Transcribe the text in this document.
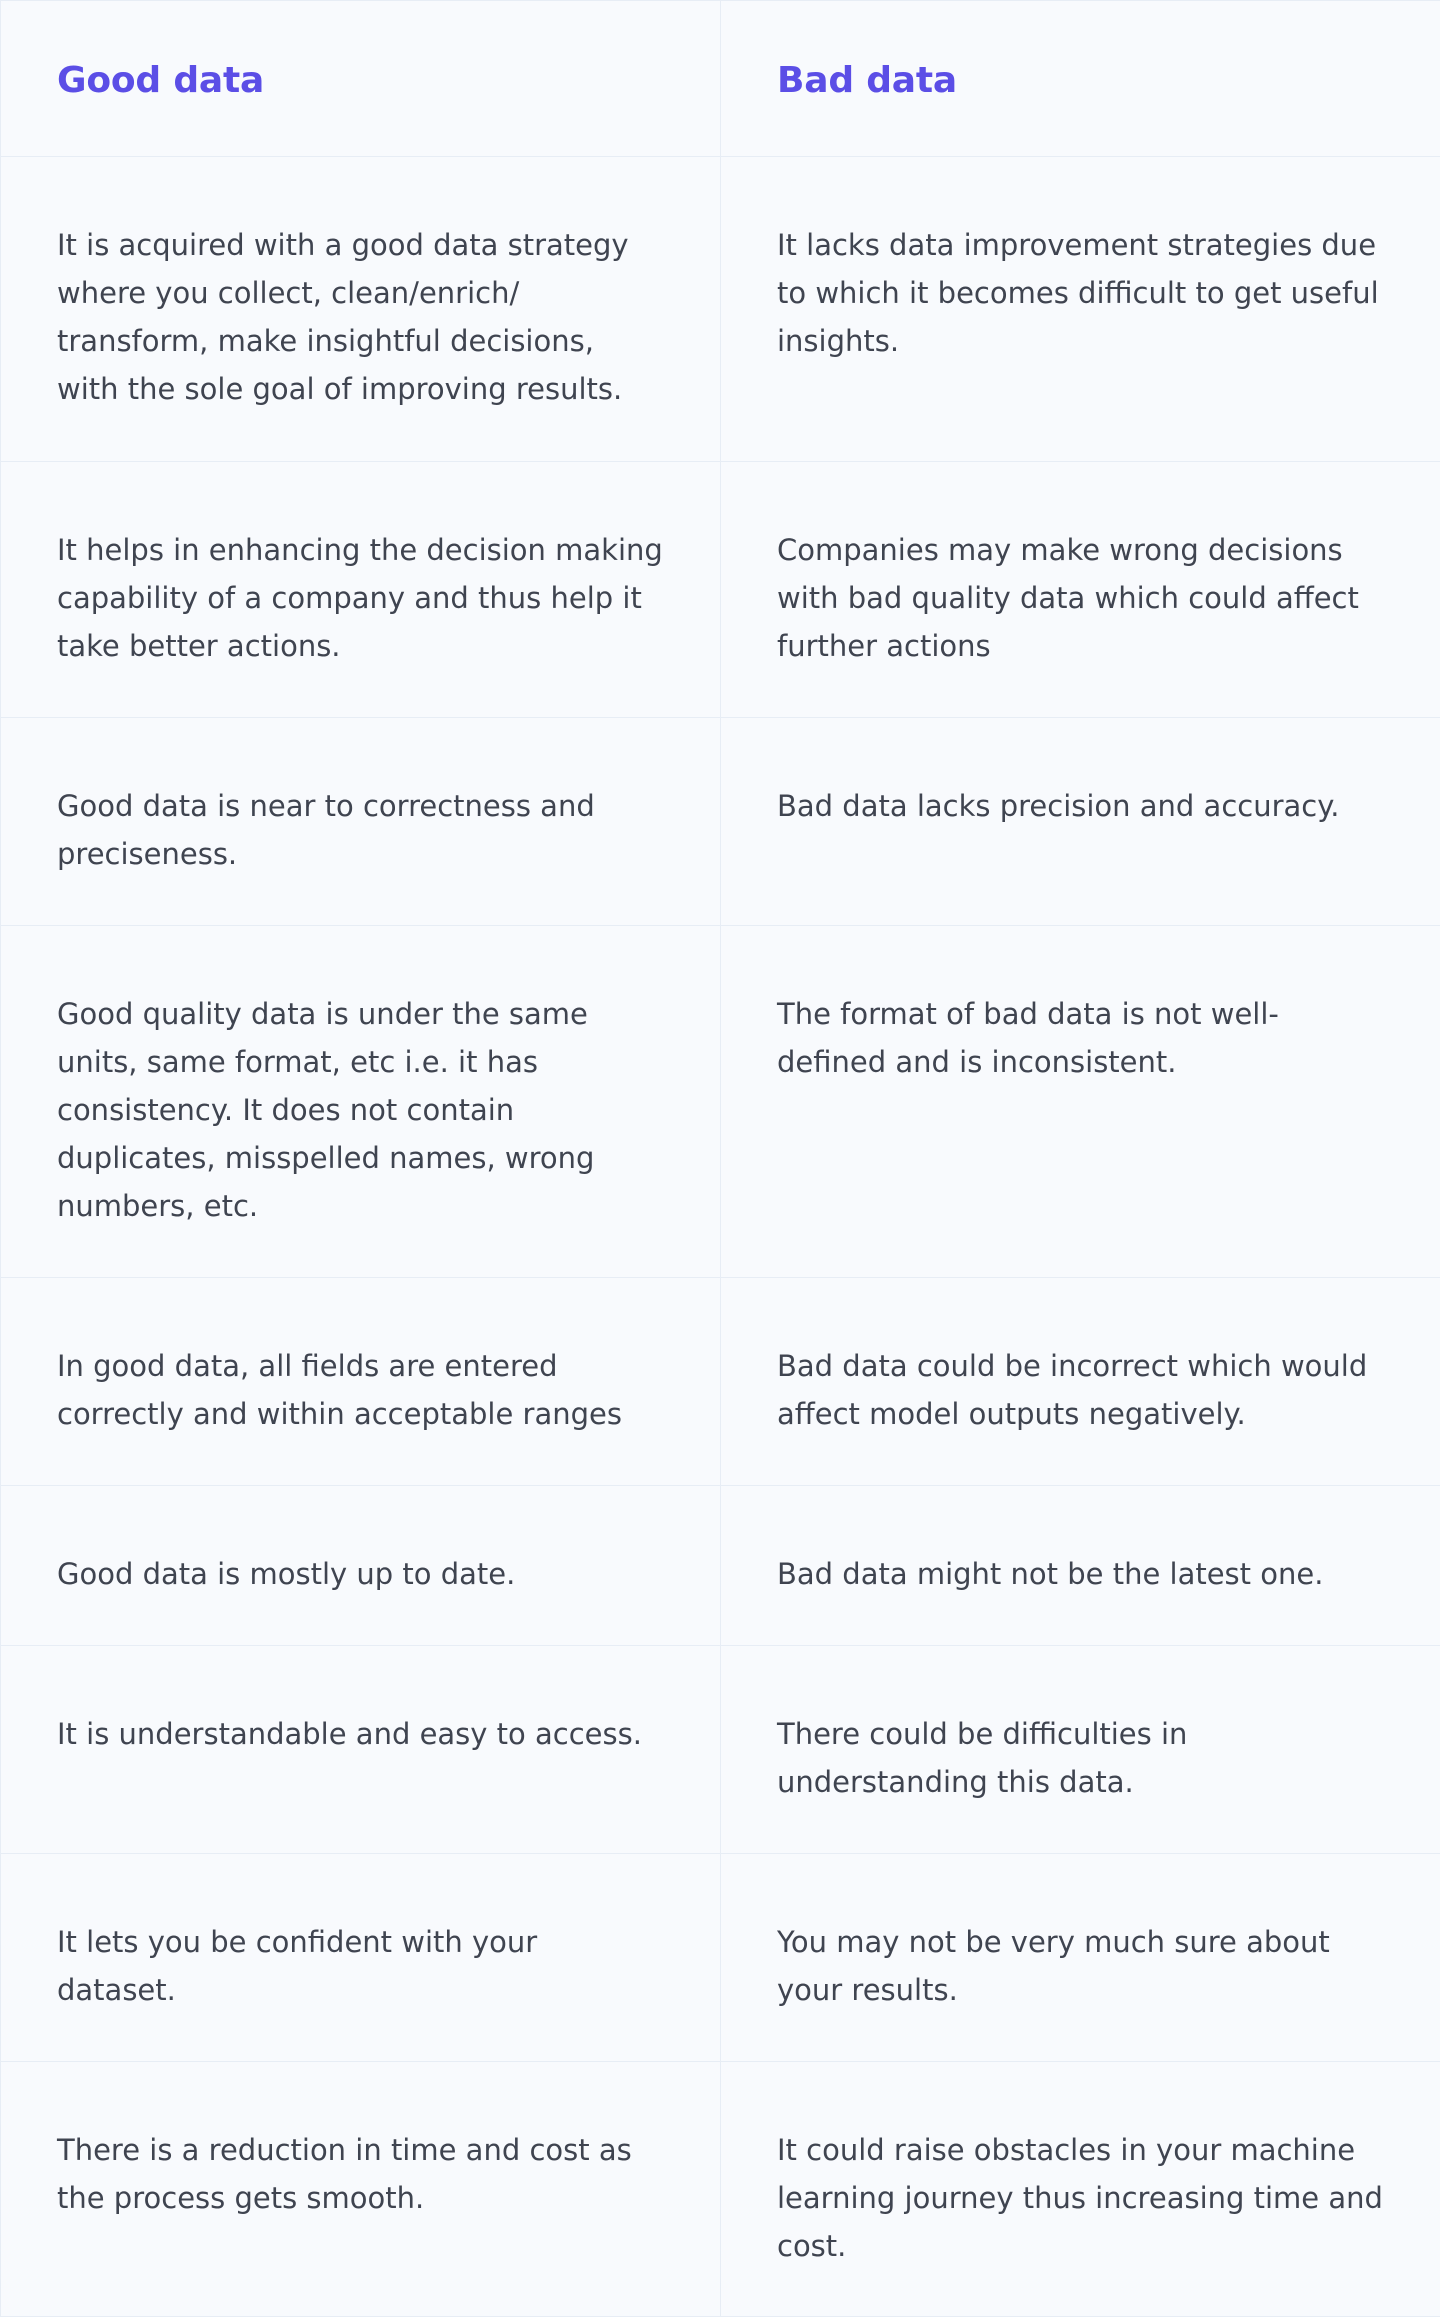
Good data	Bad data
It is acquired with a good data strategy where you collect, clean/enrich/ transform, make insightful decisions, with the sole goal of improving results.	It lacks data improvement strategies due to which it becomes difficult to get useful insights.
It helps in enhancing the decision making capability of a company and thus help it take better actions.	Companies may make wrong decisions with bad quality data which could affect further actions
Good data is near to correctness and preciseness.	Bad data lacks precision and accuracy.
Good quality data is under the same units, same format, etc i.e. it has consistency. It does not contain duplicates, misspelled names, wrong numbers, etc.	The format of bad data is not well-defined and is inconsistent.
In good data, all fields are entered correctly and within acceptable ranges	Bad data could be incorrect which would affect model outputs negatively.
Good data is mostly up to date.	Bad data might not be the latest one.
It is understandable and easy to access.	There could be difficulties in understanding this data.
It lets you be confident with your dataset.	You may not be very much sure about your results.
There is a reduction in time and cost as the process gets smooth.	It could raise obstacles in your machine learning journey thus increasing time and cost.
